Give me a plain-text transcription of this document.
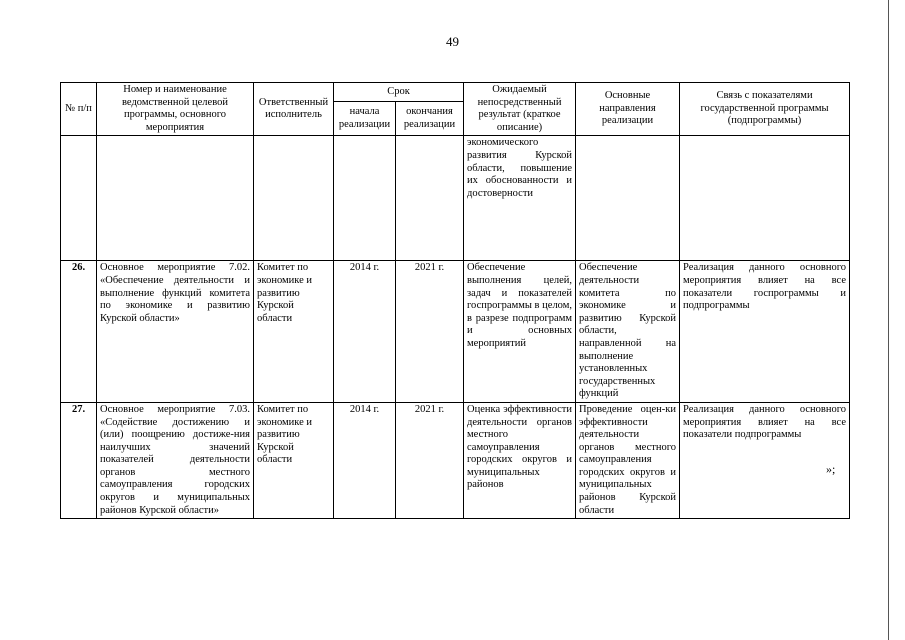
49
№ п/п	Номер и наименование ведомственной целевой программы, основного мероприятия	Ответственный исполнитель	Срок		Ожидаемый непосредственный результат (краткое описание)	Основные направления реализации	Связь с показателями государственной программы (подпрограммы)
			начала реализации	окончания реализации			
					экономического развития Курской области, повышение их обоснованности и достоверности		
26.	Основное мероприятие 7.02. «Обеспечение деятельности и выполнение функций комитета по экономике и развитию Курской области»	Комитет по экономике и развитию Курской области	2014 г.	2021 г.	Обеспечение выполнения целей, задач и показателей госпрограммы в целом, в разрезе подпрограмм и основных мероприятий	Обеспечение деятельности комитета по экономике и развитию Курской области, направленной на выполнение установленных государственных функций	Реализация данного основного мероприятия влияет на все показатели госпрограммы и подпрограммы
27.	Основное мероприятие 7.03. «Содействие достижению и (или) поощрению достиже-ния наилучших значений показателей деятельности органов местного самоуправления городских округов и муниципальных районов Курской области»	Комитет по экономике и развитию Курской области	2014 г.	2021 г.	Оценка эффективности деятельности органов местного самоуправления городских округов и муниципальных районов	Проведение оцен-ки эффективности деятельности органов местного самоуправления городских округов и муниципальных районов Курской области	Реализация данного основного мероприятия влияет на все показатели подпрограммы
»;
